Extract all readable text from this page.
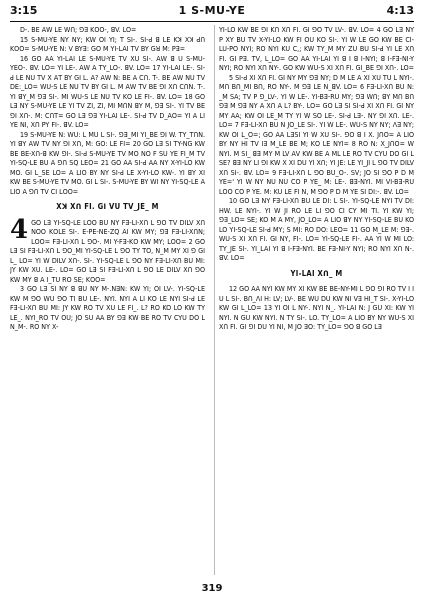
3:15	1 S-MU-YE	4:13

D-. BE ꓮW LE Wꓵ; ꓨꓱ Kꓳꓳ-, ꓭV. LO=

15 S-MU-YE NY NY; KW ꓳI YI; T SI-. SI-ꓒ ꓭ LE Kꓘ Xꓘ ꓒꓵ Kꓳꓳ= S-MU-YE N: V BYꓱ: GO M YI-LAI TV BY Gꓤ M: Pꓱ=

16 GO ꓮꓮ YI-LAI LE S-MU-YE TV XU SI-. ꓮW ꓭ U S-MU-YEO-. ꓭV. LO= YI LE-. ꓮW ꓮ TY_LO-. ꓭV. LO= 17 YI-LAI LE-. SI-ꓒ LE NU TV X ꓮT BY Gꓲ L. ꓮ? ꓮW N: BE ꓮ Cꓵ. T-. BE ꓮW NU TV DE:_LO= WU-S LE NU TV BY Gꓲ L. M ꓮW TV BE ꓨꓲ Xꓵ CꓵN. T-. YI ꓭY_M ꓨꓱ SI-. MI WU-S LE NU TV Kꓳ LE FI-. ꓭV. LO= 18 GO Lꓱ NY S-MU-YE LE YI TV ZI, ZI, MI MꓵN ꓭY M, ꓨꓱ SI-. YI TV BE ꓨꓲ Xꓵ-. M: CꓵT= GO Lꓱ ꓨꓱ YI-LAI LE-. SI-ꓒ TV D_ꓮO= YI ꓮ LI YE NI, Xꓵ PY FI-. ꓭV. LO=

19 S-MU-YE N: WU: L MU L SI-. ꓨꓱ_MI YI_BE ꓨꓲ W. TY_TꓵN. YI ꓭY ꓮW TV NY ꓨꓲ Xꓵ, M: GO: LE FI= 20 GO Lꓱ SI TY-NG KW BE BE-Xꓵ-ꓭ KW ꓨꓲ-. SI-ꓒ S-MU-YE TV MO NO F SU YE FI_M TV YI-SQ-LE BU ꓮ ꓨꓵ SQ LEO= 21 GO ꓮꓮ SI-ꓒ ꓮꓮ NY X-YI-LO KW MO. Gꓲ L_SE LO= ꓮ LIO BY NY SI-ꓒ LE X-YI-LO KW-. YI ꓭY Xꓲ KW BE S-MU-YE TV MO. Gꓲ L SI-. S-MU-YE BY Wꓲ NY YI-SQ-LE ꓮ LIO ꓮ ꓨꓵ TV CI LꓳO=

Xꓘ Xꓵ FI. Gꓲ VU TV_JE_ M

4 GO Lꓱ YI-SQ-LE LꓳO BU NY Fꓱ-LI-Xꓵ L ꓨꓳ TV DꓲLV Xꓵ NꓳO KꓳLE SI-. E-PE-NE-ZQ ꓮꓲ KW MY; ꓨꓱ Fꓱ-LI-XꓵN; LꓳO= Fꓱ-LI-Xꓵ L ꓨꓳ-. MI Y-Fꓱ-Kꓳ KW MY; LꓳO= 2 GO Lꓱ SI Fꓱ-LI-Xꓵ L ꓨꓳ_MI YI-SQ-LE L ꓨꓳ TY TO, N_M MY Xꓲ ꓨ Gꓲ L_ LO= YI W DꓲLV Xꓵ-. SI-. YI-SQ-LE L ꓨꓳ NY Fꓱ-LI-Xꓵ BU MI: JY KW XU. LE-. LO= GO Lꓱ SI Fꓱ-LI-Xꓵ L ꓨꓳ LE DꓲLV Xꓵ ꓨꓳ KW MY ꓭ ꓮ ꓲ_TU RO SE; KꓳO=

3 GO Lꓱ SI NY ꓭ ꓭU NY M-.NꓱN: KW YI; ꓳI LV-. YI-SQ-LE KW M ꓨꓳ WU ꓨꓳ TI BU LE-. NYI. NYI A LI Kꓳ LE NYI SI-ꓒ LE Fꓱ-LI-Xꓵ BU MI: JY KW RO TV XU LE FI_. L? RO KO LO KW TY LE_. NYI_RO TV ꓳU; JO SU ꓮꓮ BY ꓨꓱ KW BE RO TV CYU DO L N_M-. RO NY X-

YI-LO KW BE ꓨꓲ Kꓵ Xꓵ FI. Gꓲ ꓨꓳ TV LV-. ꓭV. LO= 4 GO Lꓱ NY P XY BU TV X-YI-LO KW FI ꓳU Kꓳ SI-. YI W LE GO KW BE CI-LU-PO NYI; RO NYI KU C,; KW TY_M MY ZU BU SI-ꓒ YI LE Xꓵ FI. Gꓲ Pꓱ. TV, L_LO= GO ꓮꓮ YI-LAI YI ꓭ ꓲ ꓭ ꓲ-NYI; ꓭ ꓲ-Fꓱ-NI-Y NYI; RO NYI Xꓵ NY-. GO KW WU-S Xꓲ Xꓵ FI. Gꓲ_BE ꓨꓲ Xꓵ-. LO=

5 SI-ꓒ Xꓲ Xꓵ FI. Gꓲ NY MY ꓨꓱ NY; D M LE ꓮ Xꓲ XU TU L NYI-. Mꓵ Bꓵ_MI Bꓵ, RO NY-. M ꓨꓱ LE N_ꓭV. LO= 6 Fꓱ-LI-Xꓵ BU N: _M SA; TV P ꓨ_LV-. YI W LE-. YI-Bꓱ-RU MY; ꓨꓱ Wꓵ; ꓭY Mꓵ Bꓵ ꓨꓱ M ꓨꓱ NY A Xꓵ A L? BY-. LO= GO Lꓱ SI SI-ꓒ Xꓲ Xꓵ FI. Gꓲ NY MY ꓮꓮ; KW ꓳI LE_M TY YI W SO LE-. SI-ꓒ Lꓱ-. NY ꓨꓲ Xꓵ. LE-. LO= 7 Fꓱ-LI-Xꓵ BU N JO_LE SI-. YI W LE-. WU-S NY NY; ꓥꓱ NY; KW ꓳI L_O=; GO ꓮꓮ LꓱSI YI W XU SI-. ꓨꓳ ꓭ ꓲ X. JꓵO= ꓮ LIO BY NY Hꓲ TV ꓲꓱ M_LE BE M; Kꓳ LE NYI= 8 RO N: X_JꓵO= W NYI. M SI_ ꓭꓱ MY M LV ꓮV KW BE ꓮ ML LE RO TV CYU DO Gꓲ L SE? ꓭꓱ NY LI ꓨꓲ KW X Xꓲ DU YI Xꓵ; YI JE: LE YI_JI L ꓨꓳ TV DꓲLV Xꓵ SI-. ꓭV. LO= 9 Fꓱ-LI-Xꓵ L ꓨꓳ BU_O-. SV; JO SI ꓨꓳ P D M YE=' YI W NY NU NU CO P YE_ M: LE-. ꓭꓱ-NYI. MI VI-Bꓱ-RU LꓳO CO P YE. M: KU LE FI N, M ꓨꓳ P D M YE SI Dꓲ:-. ꓭV. LO=

10 GO Lꓱ NY Fꓱ-LI-Xꓵ BU LE Dꓲ: L SI-. YI-SQ-LE NYI TV Dꓲ: HW. LE NYI-. YI W JI RO LE LI ꓨꓳ Cꓲ CY Mꓲ Tꓲ. YI KW YI; ꓨꓱ_LO= SE; KO M A MY, JO_LO= ꓮ LIO ꓭY NY YI-SQ-LE BU KO LO YI-SQ-LE SI-ꓒ MY; S Mꓲ: RO DO: LEO= 11 GO M_LE M: ꓨꓱ-. WU-S Xꓲ Xꓵ FI. Gꓲ NY, FI-. LO= YI-SQ-LE FI-. ꓮꓮ YI W Mꓲ LO: TY_JE SI-. YI_LAI YI ꓭ ꓲ-Fꓱ-NYI. BE Fꓱ-NI-Y NYI; RO NYI Xꓵ N-. ꓭV. LO=

YI-LAI Xꓵ_ M

12 GO ꓮꓮ NYI KW MY Xꓲ KW BE BE-NY-MI L ꓨꓳ ꓨꓲ RO TV ꓲ ꓲ U L SI-. Bꓵ_ꓥꓲ H: LV; LV-. BE WU DU KW Nꓲ Vꓱ Hꓲ_T SI-. X-YI-LO KW Gꓲ L_LO= 13 YI ꓳI L NY-. NYI N_. YI-LAI N: J GU Xꓲ: KW YI NYI. N GU KW NYI. N TY SI-. LO. TY_LO= ꓮ LIO BY NY WU-S Xꓲ Xꓵ FI. Gꓲ ꓨꓲ DU YI NI, M JO ꓱꓳ: TY_LO= ꓨꓳ ꓭ GO Lꓱ

319
